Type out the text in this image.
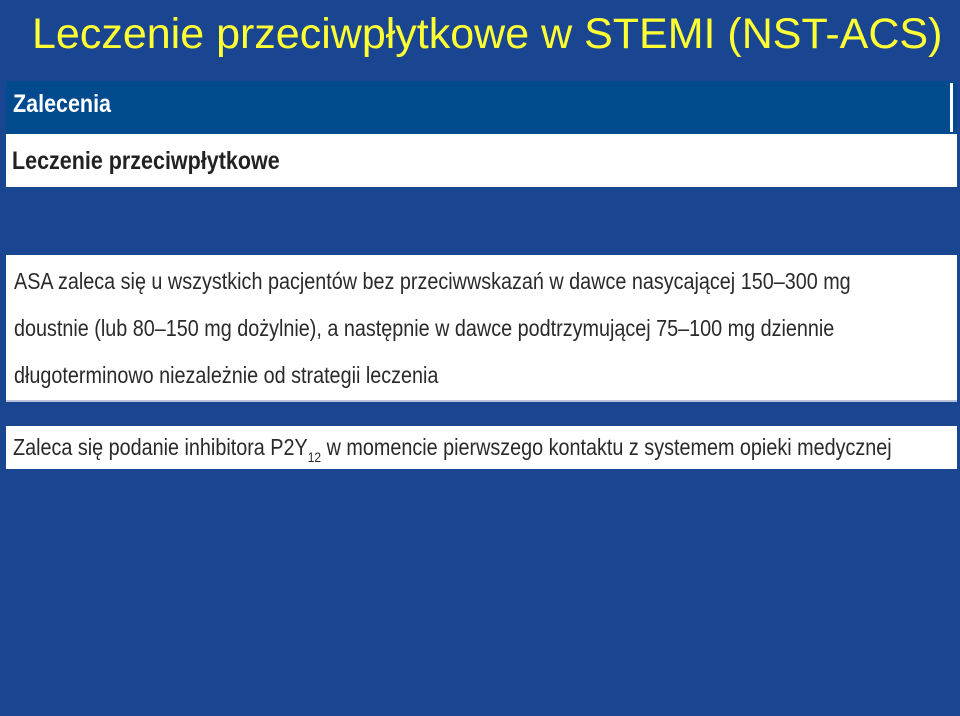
Leczenie przeciwpłytkowe w STEMI (NST-ACS)
Zalecenia
Leczenie przeciwpłytkowe
ASA zaleca się u wszystkich pacjentów bez przeciwwskazań w dawce nasycającej 150–300 mg doustnie (lub 80–150 mg dożylnie), a następnie w dawce podtrzymującej 75–100 mg dziennie długoterminowo niezależnie od strategii leczenia
Zaleca się podanie inhibitora $P2Y_{12}$ w momencie pierwszego kontaktu z systemem opieki medycznej
